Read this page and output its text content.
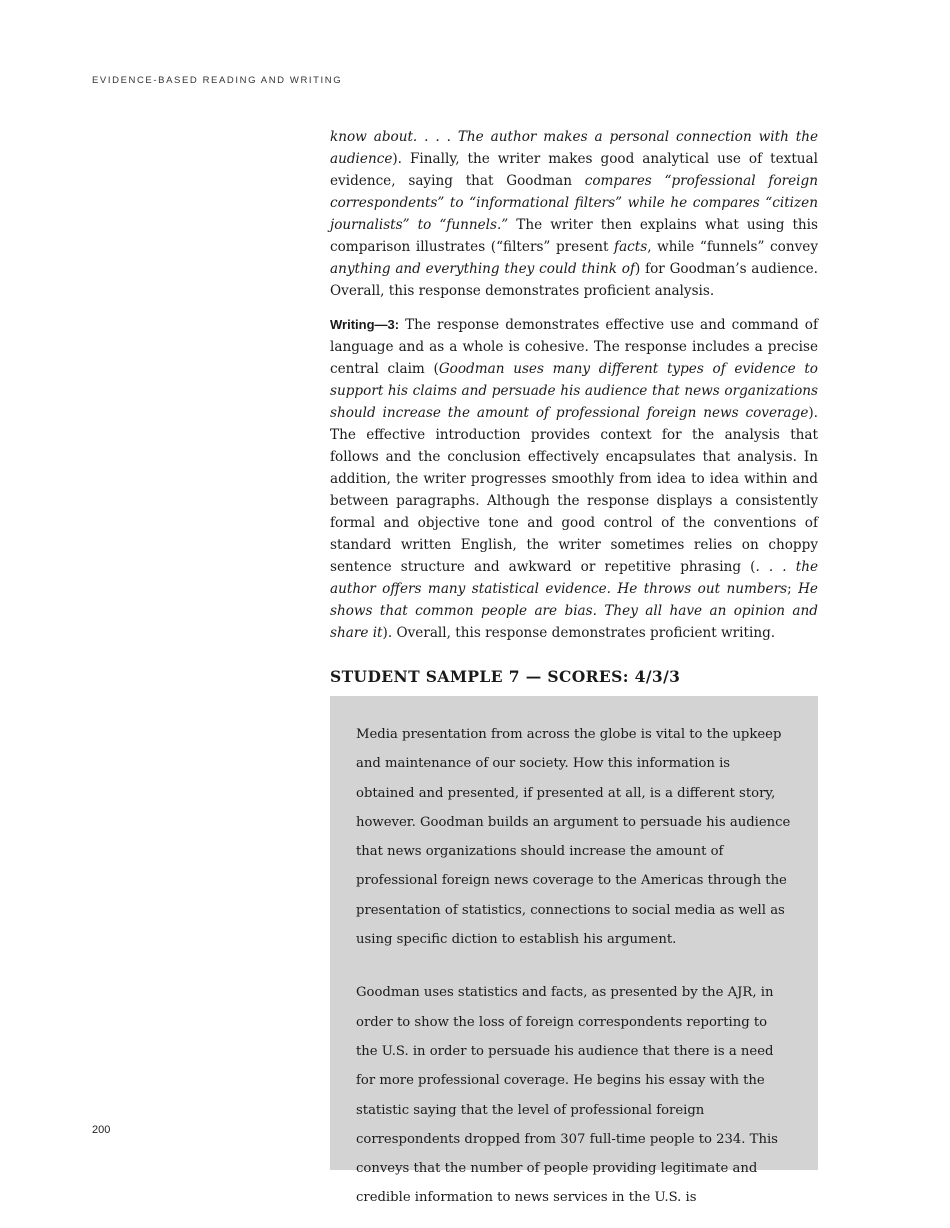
EVIDENCE-BASED READING AND WRITING

know about. . . . The author makes a personal connection with the audience). Finally, the writer makes good analytical use of textual evidence, saying that Goodman compares “professional foreign correspondents” to “informational filters” while he compares “citizen journalists” to “funnels.” The writer then explains what using this comparison illustrates (“filters” present facts, while “funnels” convey anything and everything they could think of) for Goodman’s audience. Overall, this response demonstrates proficient analysis.

Writing—3: The response demonstrates effective use and command of language and as a whole is cohesive. The response includes a precise central claim (Goodman uses many different types of evidence to support his claims and persuade his audience that news organizations should increase the amount of professional foreign news coverage). The effective introduction provides context for the analysis that follows and the conclusion effectively encapsulates that analysis. In addition, the writer progresses smoothly from idea to idea within and between paragraphs. Although the response displays a consistently formal and objective tone and good control of the conventions of standard written English, the writer sometimes relies on choppy sentence structure and awkward or repetitive phrasing (. . . the author offers many statistical evidence. He throws out numbers; He shows that common people are bias. They all have an opinion and share it). Overall, this response demonstrates proficient writing.

STUDENT SAMPLE 7 — SCORES: 4/3/3

Media presentation from across the globe is vital to the upkeep and maintenance of our society. How this information is obtained and presented, if presented at all, is a different story, however. Goodman builds an argument to persuade his audience that news organizations should increase the amount of professional foreign news coverage to the Americas through the presentation of statistics, connections to social media as well as using specific diction to establish his argument.

Goodman uses statistics and facts, as presented by the AJR, in order to show the loss of foreign correspondents reporting to the U.S. in order to persuade his audience that there is a need for more professional coverage. He begins his essay with the statistic saying that the level of professional foreign correspondents dropped from 307 full-time people to 234. This conveys that the number of people providing legitimate and credible information to news services in the U.S. is

200
